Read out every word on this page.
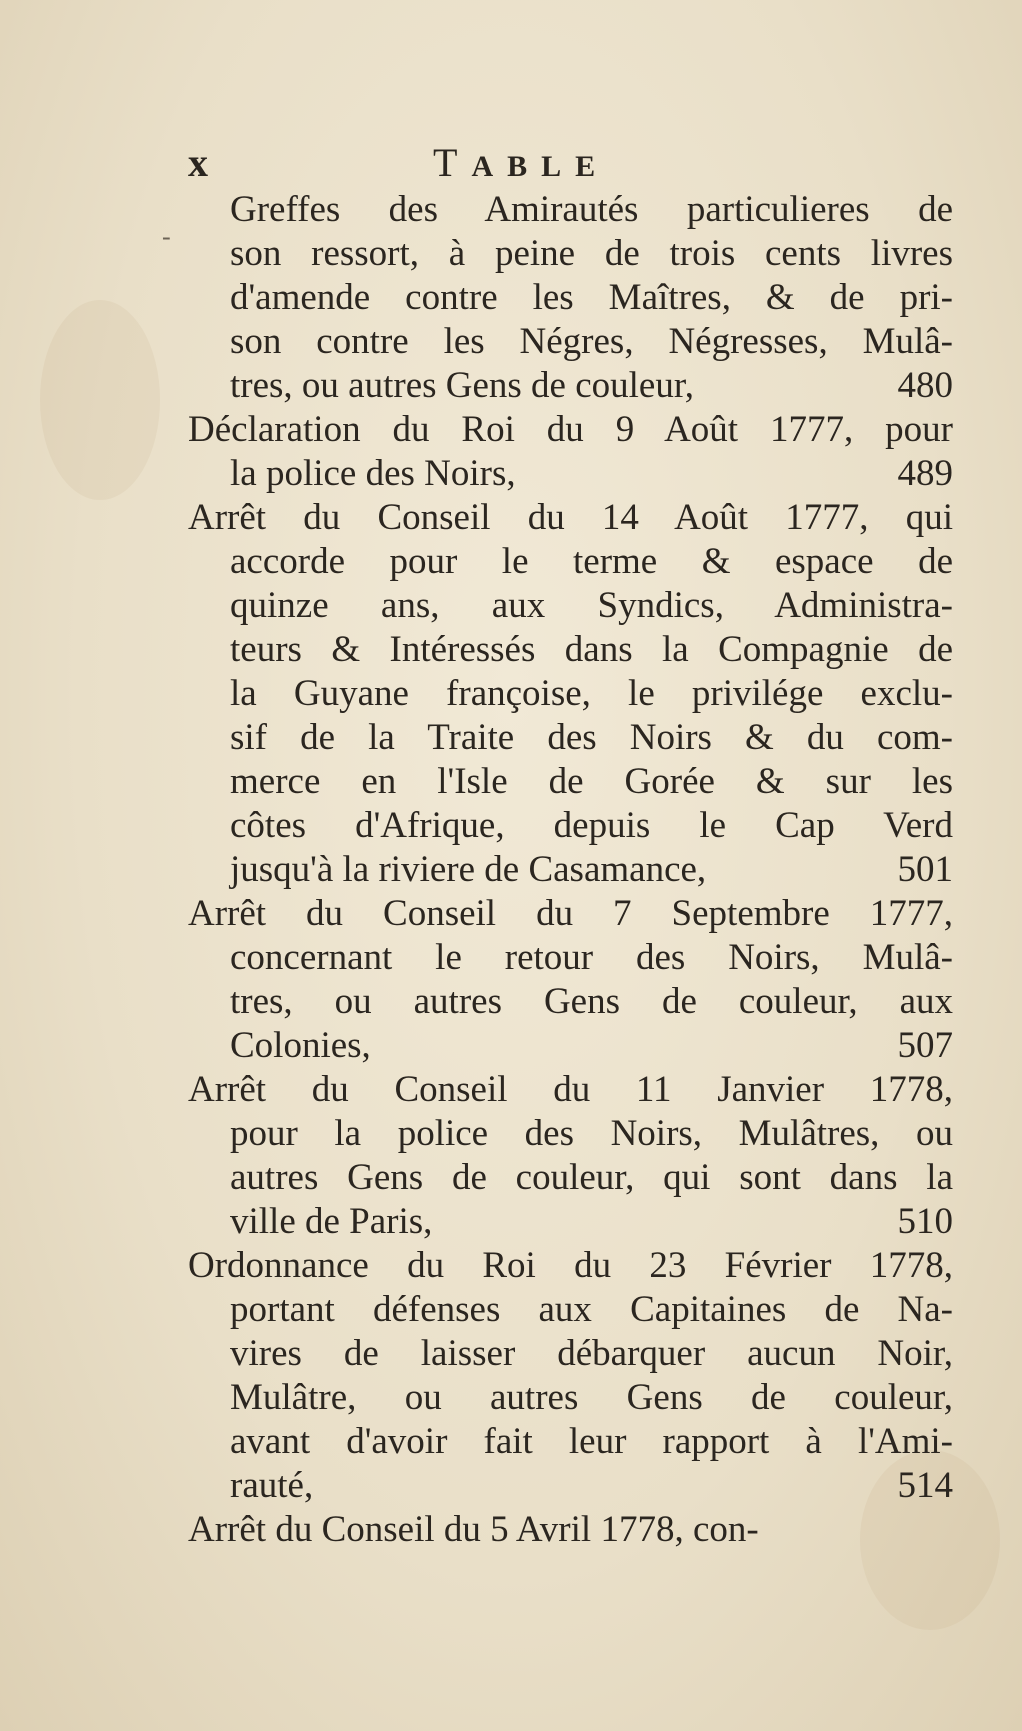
x	TABLE
Greffes des Amirautés particulieres de
son ressort, à peine de trois cents livres
d'amende contre les Maîtres, & de pri-
son contre les Négres, Négresses, Mulâ-
tres, ou autres Gens de couleur,	480
Déclaration du Roi du 9 Août 1777, pour
la police des Noirs,	489
Arrêt du Conseil du 14 Août 1777, qui
accorde pour le terme & espace de
quinze ans, aux Syndics, Administra-
teurs & Intéressés dans la Compagnie de
la Guyane françoise, le privilége exclu-
sif de la Traite des Noirs & du com-
merce en l'Isle de Gorée & sur les
côtes d'Afrique, depuis le Cap Verd
jusqu'à la riviere de Casamance,	501
Arrêt du Conseil du 7 Septembre 1777,
concernant le retour des Noirs, Mulâ-
tres, ou autres Gens de couleur, aux
Colonies,	507
Arrêt du Conseil du 11 Janvier 1778,
pour la police des Noirs, Mulâtres, ou
autres Gens de couleur, qui sont dans la
ville de Paris,	510
Ordonnance du Roi du 23 Février 1778,
portant défenses aux Capitaines de Na-
vires de laisser débarquer aucun Noir,
Mulâtre, ou autres Gens de couleur,
avant d'avoir fait leur rapport à l'Ami-
rauté,	514
Arrêt du Conseil du 5 Avril 1778, con-
-
